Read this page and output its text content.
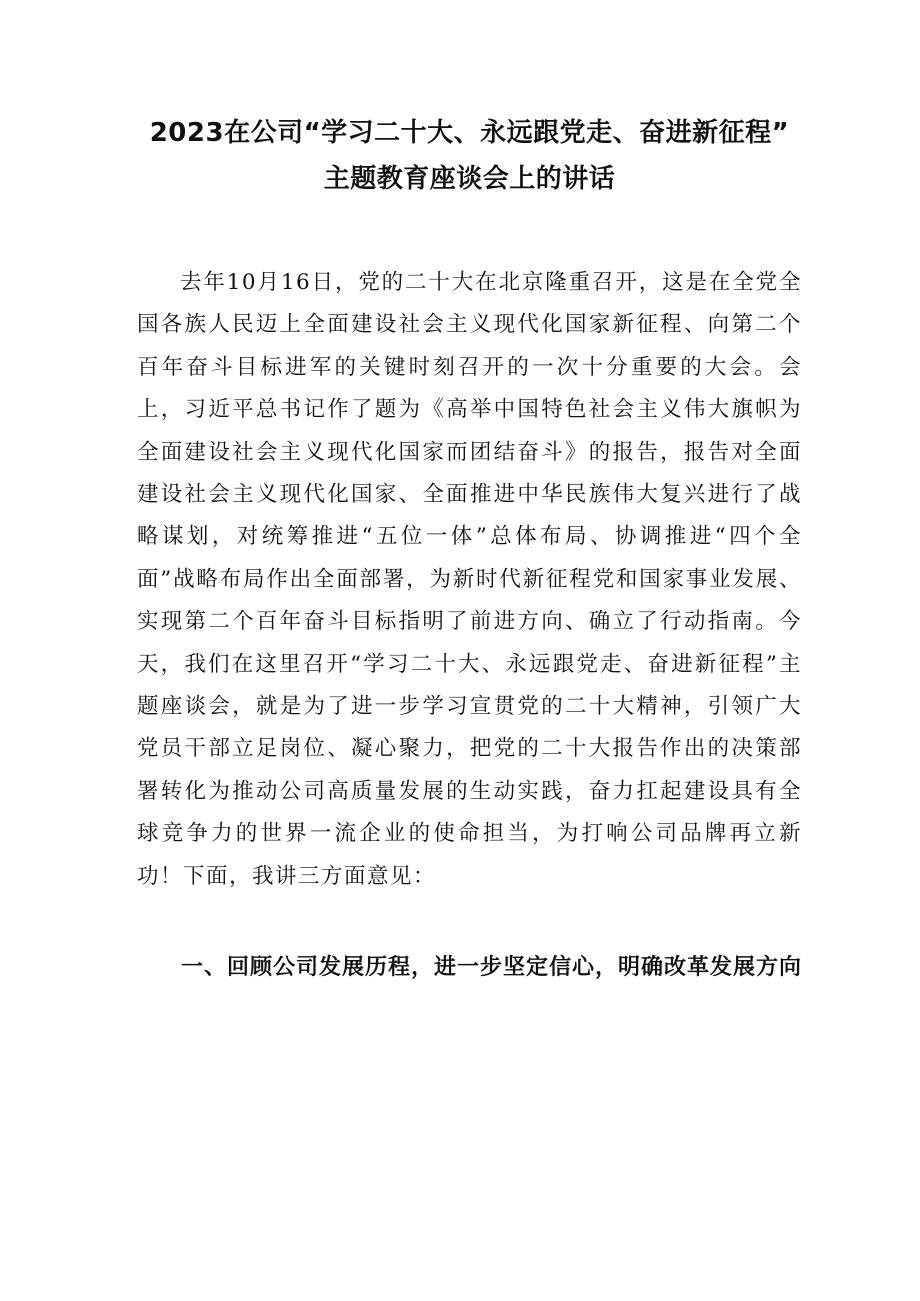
2023在公司“学习二十大、永远跟党走、奋进新征程”
主题教育座谈会上的讲话

去年10月16日，党的二十大在北京隆重召开，这是在全党全国各族人民迈上全面建设社会主义现代化国家新征程、向第二个百年奋斗目标进军的关键时刻召开的一次十分重要的大会。会上，习近平总书记作了题为《高举中国特色社会主义伟大旗帜为全面建设社会主义现代化国家而团结奋斗》的报告，报告对全面建设社会主义现代化国家、全面推进中华民族伟大复兴进行了战略谋划，对统筹推进“五位一体”总体布局、协调推进“四个全面”战略布局作出全面部署，为新时代新征程党和国家事业发展、实现第二个百年奋斗目标指明了前进方向、确立了行动指南。今天，我们在这里召开“学习二十大、永远跟党走、奋进新征程”主题座谈会，就是为了进一步学习宣贯党的二十大精神，引领广大党员干部立足岗位、凝心聚力，把党的二十大报告作出的决策部署转化为推动公司高质量发展的生动实践，奋力扛起建设具有全球竞争力的世界一流企业的使命担当，为打响公司品牌再立新功！下面，我讲三方面意见：

一、回顾公司发展历程，进一步坚定信心，明确改革发展方向
